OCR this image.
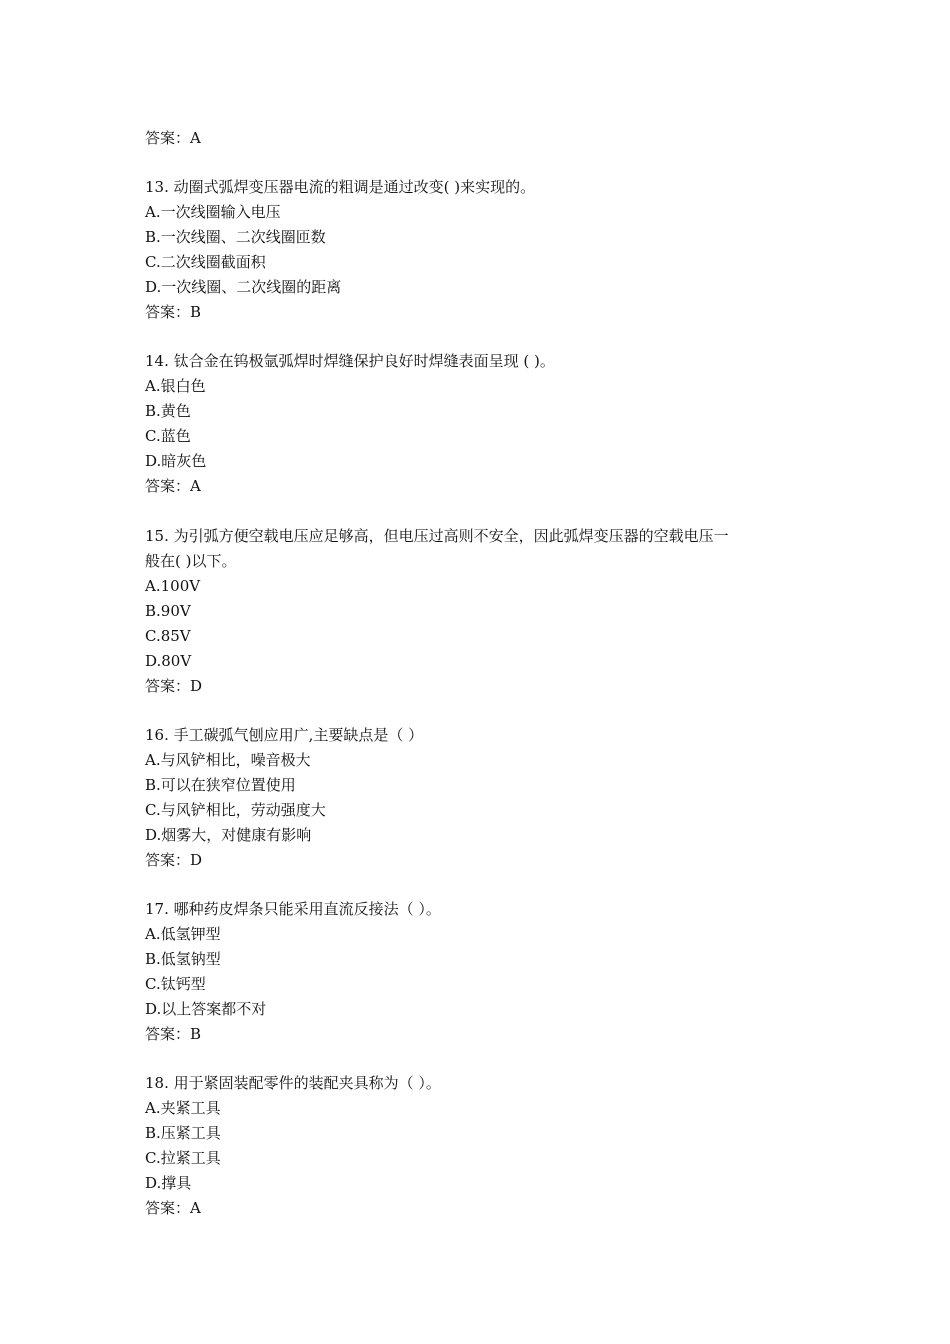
答案：A
13. 动圈式弧焊变压器电流的粗调是通过改变( )来实现的。
A.一次线圈输入电压
B.一次线圈、二次线圈匝数
C.二次线圈截面积
D.一次线圈、二次线圈的距离
答案：B
14. 钛合金在钨极氩弧焊时焊缝保护良好时焊缝表面呈现 ( )。
A.银白色
B.黄色
C.蓝色
D.暗灰色
答案：A
15. 为引弧方便空载电压应足够高，但电压过高则不安全，因此弧焊变压器的空载电压一
般在( )以下。
A.100V
B.90V
C.85V
D.80V
答案：D
16. 手工碳弧气刨应用广,主要缺点是（ ）
A.与风铲相比，噪音极大
B.可以在狭窄位置使用
C.与风铲相比，劳动强度大
D.烟雾大，对健康有影响
答案：D
17. 哪种药皮焊条只能采用直流反接法（ ）。
A.低氢钾型
B.低氢钠型
C.钛钙型
D.以上答案都不对
答案：B
18. 用于紧固装配零件的装配夹具称为（ ）。
A.夹紧工具
B.压紧工具
C.拉紧工具
D.撑具
答案：A
